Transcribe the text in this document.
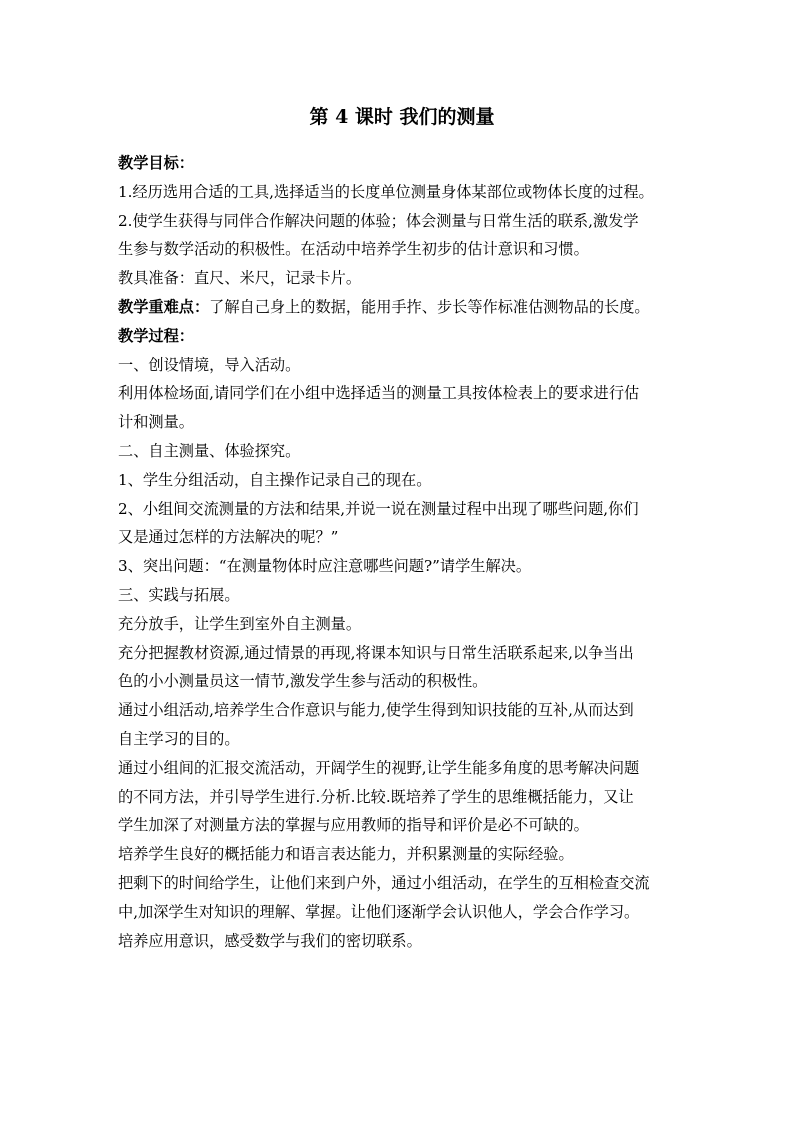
第 4 课时 我们的测量
教学目标：
1.经历选用合适的工具,选择适当的长度单位测量身体某部位或物体长度的过程。
2.使学生获得与同伴合作解决问题的体验；体会测量与日常生活的联系,激发学
生参与数学活动的积极性。在活动中培养学生初步的估计意识和习惯。
教具准备：直尺、米尺，记录卡片。
教学重难点：了解自己身上的数据，能用手拃、步长等作标准估测物品的长度。
教学过程：
一、创设情境，导入活动。
利用体检场面,请同学们在小组中选择适当的测量工具按体检表上的要求进行估
计和测量。
二、自主测量、体验探究。
1、学生分组活动，自主操作记录自己的现在。
2、小组间交流测量的方法和结果,并说一说在测量过程中出现了哪些问题,你们
又是通过怎样的方法解决的呢？”
3、突出问题：“在测量物体时应注意哪些问题?”请学生解决。
三、实践与拓展。
充分放手，让学生到室外自主测量。
充分把握教材资源,通过情景的再现,将课本知识与日常生活联系起来,以争当出
色的小小测量员这一情节,激发学生参与活动的积极性。
通过小组活动,培养学生合作意识与能力,使学生得到知识技能的互补,从而达到
自主学习的目的。
通过小组间的汇报交流活动，开阔学生的视野,让学生能多角度的思考解决问题
的不同方法，并引导学生进行.分析.比较.既培养了学生的思维概括能力，又让
学生加深了对测量方法的掌握与应用教师的指导和评价是必不可缺的。
培养学生良好的概括能力和语言表达能力，并积累测量的实际经验。
把剩下的时间给学生，让他们来到户外，通过小组活动，在学生的互相检查交流
中,加深学生对知识的理解、掌握。让他们逐渐学会认识他人，学会合作学习。
培养应用意识，感受数学与我们的密切联系。
